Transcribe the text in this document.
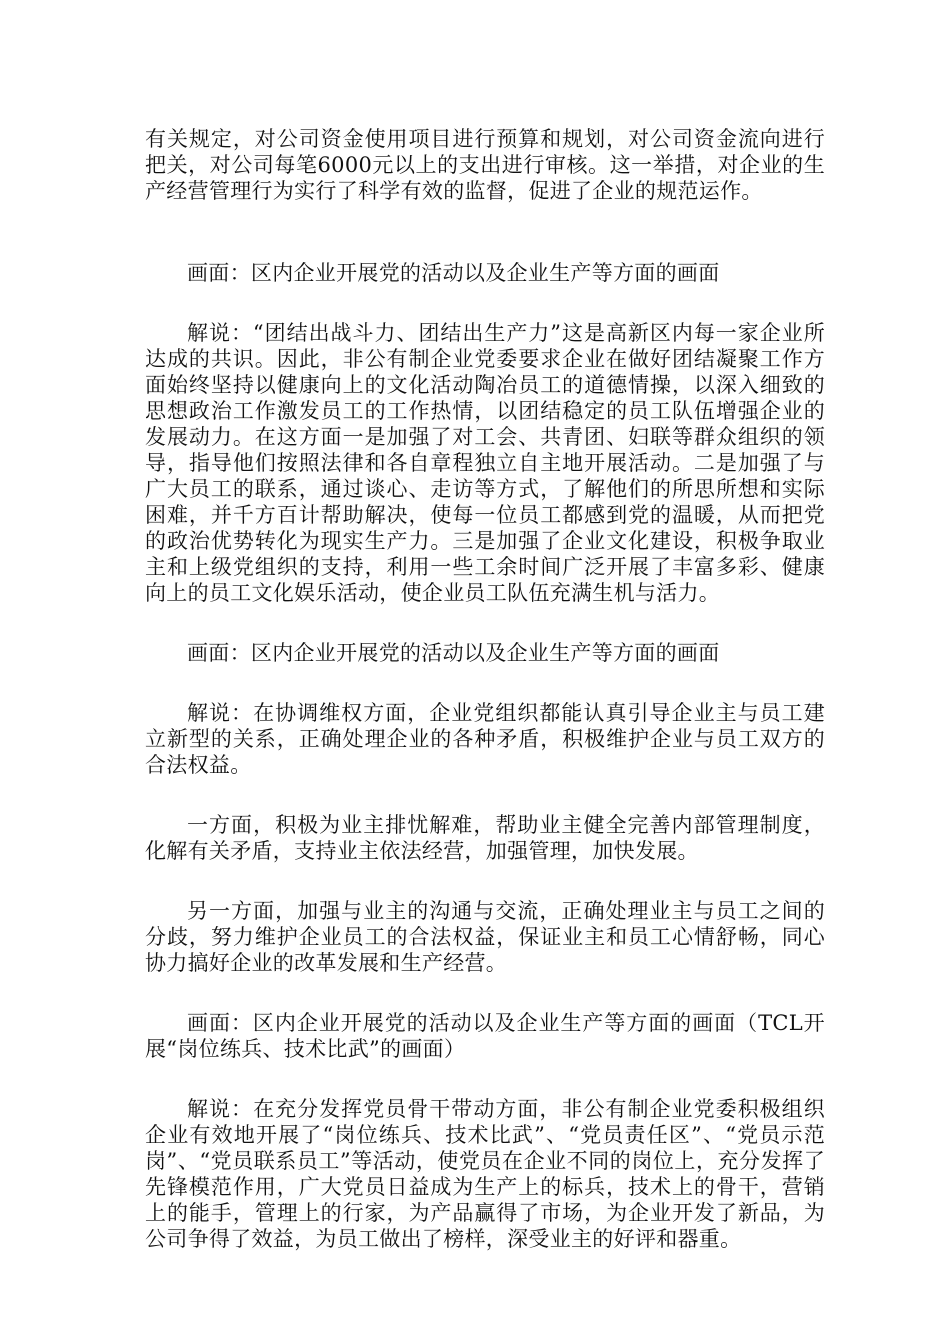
有关规定，对公司资金使用项目进行预算和规划，对公司资金流向进行把关，对公司每笔6000元以上的支出进行审核。这一举措，对企业的生产经营管理行为实行了科学有效的监督，促进了企业的规范运作。

画面：区内企业开展党的活动以及企业生产等方面的画面

解说：“团结出战斗力、团结出生产力”这是高新区内每一家企业所达成的共识。因此，非公有制企业党委要求企业在做好团结凝聚工作方面始终坚持以健康向上的文化活动陶冶员工的道德情操，以深入细致的思想政治工作激发员工的工作热情，以团结稳定的员工队伍增强企业的发展动力。在这方面一是加强了对工会、共青团、妇联等群众组织的领导，指导他们按照法律和各自章程独立自主地开展活动。二是加强了与广大员工的联系，通过谈心、走访等方式，了解他们的所思所想和实际困难，并千方百计帮助解决，使每一位员工都感到党的温暖，从而把党的政治优势转化为现实生产力。三是加强了企业文化建设，积极争取业主和上级党组织的支持，利用一些工余时间广泛开展了丰富多彩、健康向上的员工文化娱乐活动，使企业员工队伍充满生机与活力。

画面：区内企业开展党的活动以及企业生产等方面的画面

解说：在协调维权方面，企业党组织都能认真引导企业主与员工建立新型的关系，正确处理企业的各种矛盾，积极维护企业与员工双方的合法权益。

一方面，积极为业主排忧解难，帮助业主健全完善内部管理制度，化解有关矛盾，支持业主依法经营，加强管理，加快发展。

另一方面，加强与业主的沟通与交流，正确处理业主与员工之间的分歧，努力维护企业员工的合法权益，保证业主和员工心情舒畅，同心协力搞好企业的改革发展和生产经营。

画面：区内企业开展党的活动以及企业生产等方面的画面（TCL开展“岗位练兵、技术比武”的画面）

解说：在充分发挥党员骨干带动方面，非公有制企业党委积极组织企业有效地开展了“岗位练兵、技术比武”、“党员责任区”、“党员示范岗”、“党员联系员工”等活动，使党员在企业不同的岗位上，充分发挥了先锋模范作用，广大党员日益成为生产上的标兵，技术上的骨干，营销上的能手，管理上的行家，为产品赢得了市场，为企业开发了新品，为公司争得了效益，为员工做出了榜样，深受业主的好评和器重。
